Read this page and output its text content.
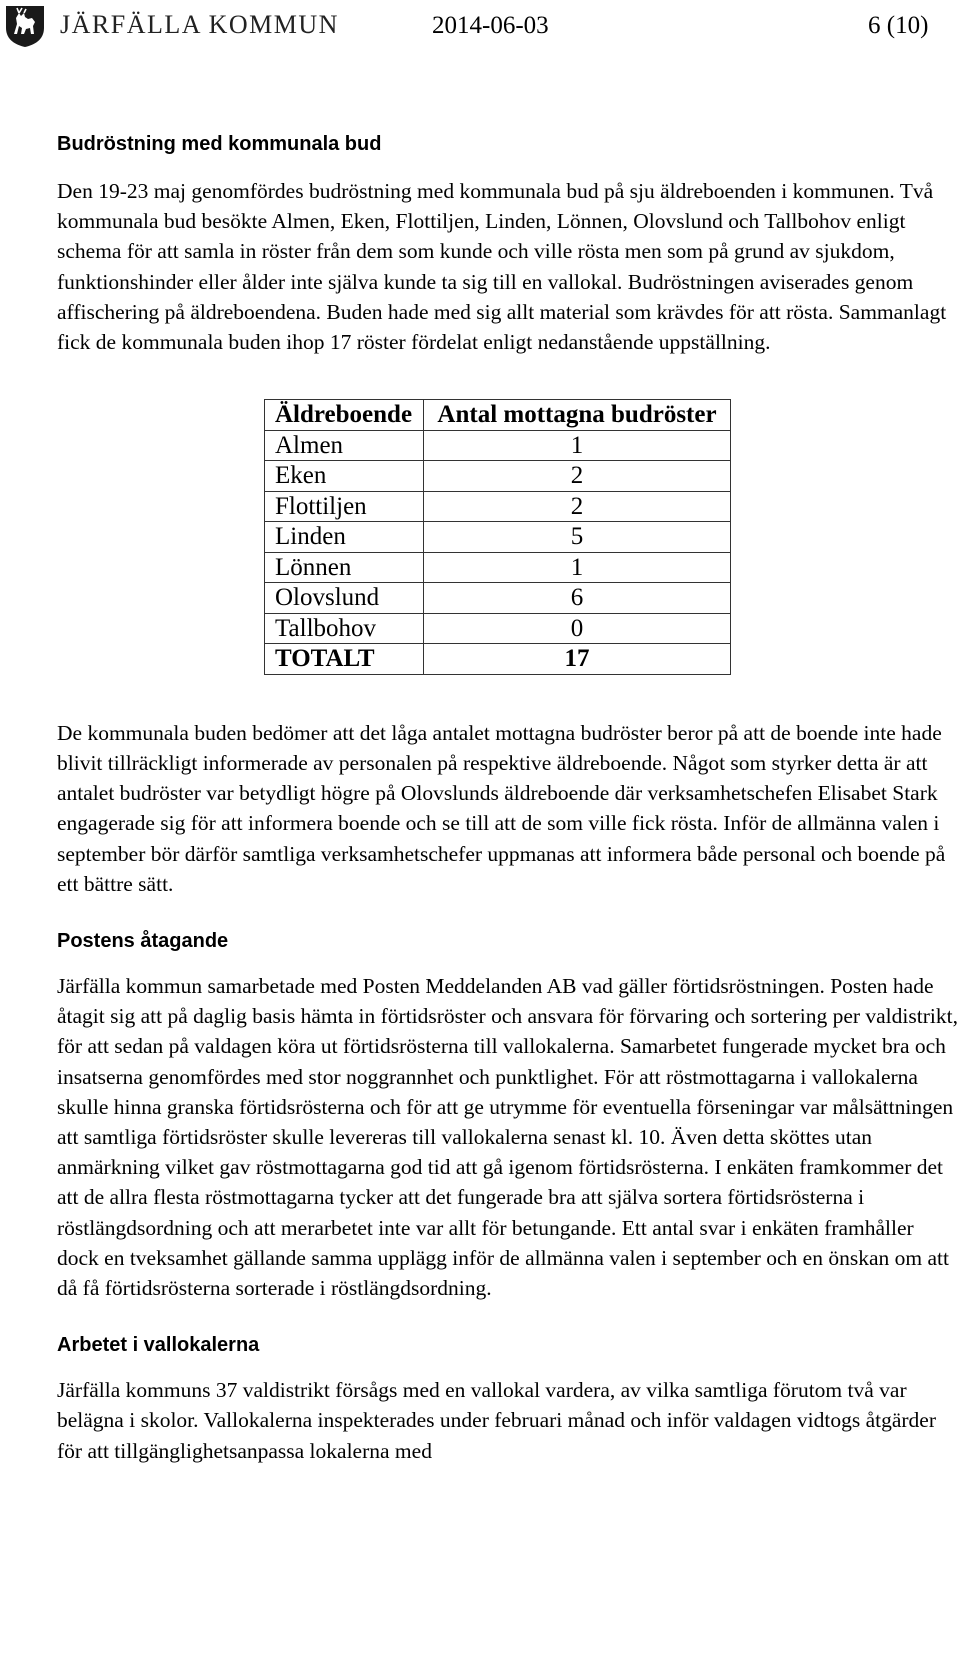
JÄRFÄLLA KOMMUN	2014-06-03	6 (10)
Budröstning med kommunala bud

Den 19-23 maj genomfördes budröstning med kommunala bud på sju äldreboenden i kommunen. Två kommunala bud besökte Almen, Eken, Flottiljen, Linden, Lönnen, Olovslund och Tallbohov enligt schema för att samla in röster från dem som kunde och ville rösta men som på grund av sjukdom, funktionshinder eller ålder inte själva kunde ta sig till en vallokal. Budröstningen aviserades genom affischering på äldreboendena. Buden hade med sig allt material som krävdes för att rösta. Sammanlagt fick de kommunala buden ihop 17 röster fördelat enligt nedanstående uppställning.

Äldreboende	Antal mottagna budröster
Almen	1
Eken	2
Flottiljen	2
Linden	5
Lönnen	1
Olovslund	6
Tallbohov	0
TOTALT	17

De kommunala buden bedömer att det låga antalet mottagna budröster beror på att de boende inte hade blivit tillräckligt informerade av personalen på respektive äldreboende. Något som styrker detta är att antalet budröster var betydligt högre på Olovslunds äldreboende där verksamhetschefen Elisabet Stark engagerade sig för att informera boende och se till att de som ville fick rösta. Inför de allmänna valen i september bör därför samtliga verksamhetschefer uppmanas att informera både personal och boende på ett bättre sätt.

Postens åtagande

Järfälla kommun samarbetade med Posten Meddelanden AB vad gäller förtidsröstningen. Posten hade åtagit sig att på daglig basis hämta in förtidsröster och ansvara för förvaring och sortering per valdistrikt, för att sedan på valdagen köra ut förtidsrösterna till vallokalerna. Samarbetet fungerade mycket bra och insatserna genomfördes med stor noggrannhet och punktlighet. För att röstmottagarna i vallokalerna skulle hinna granska förtidsrösterna och för att ge utrymme för eventuella förseningar var målsättningen att samtliga förtidsröster skulle levereras till vallokalerna senast kl. 10. Även detta sköttes utan anmärkning vilket gav röstmottagarna god tid att gå igenom förtidsrösterna. I enkäten framkommer det att de allra flesta röstmottagarna tycker att det fungerade bra att själva sortera förtidsrösterna i röstlängdsordning och att merarbetet inte var allt för betungande. Ett antal svar i enkäten framhåller dock en tveksamhet gällande samma upplägg inför de allmänna valen i september och en önskan om att då få förtidsrösterna sorterade i röstlängdsordning.

Arbetet i vallokalerna

Järfälla kommuns 37 valdistrikt försågs med en vallokal vardera, av vilka samtliga förutom två var belägna i skolor. Vallokalerna inspekterades under februari månad och inför valdagen vidtogs åtgärder för att tillgänglighetsanpassa lokalerna med
